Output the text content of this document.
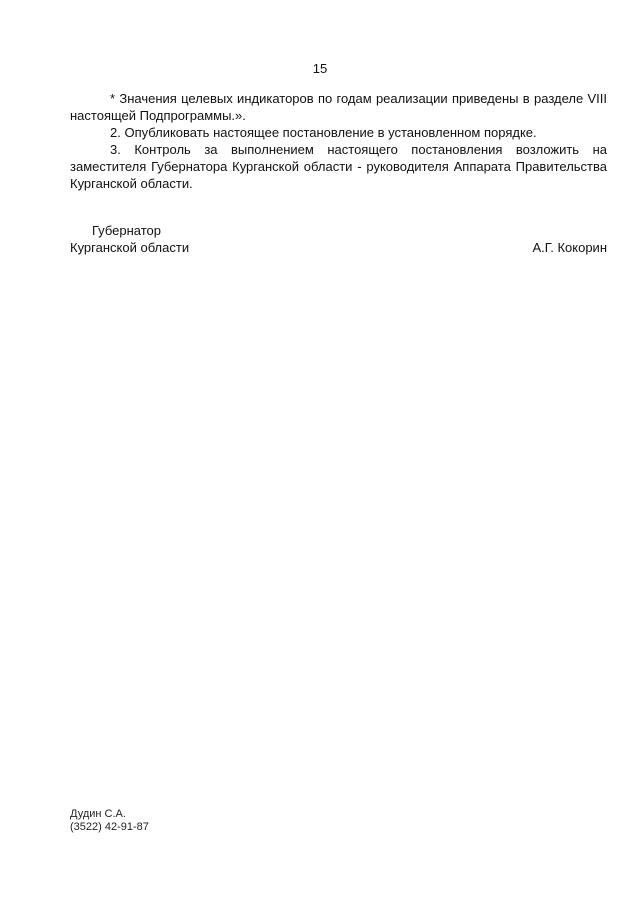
15

* Значения целевых индикаторов по годам реализации приведены в разделе VIII настоящей Подпрограммы.».

2. Опубликовать настоящее постановление в установленном порядке.

3. Контроль за выполнением настоящего постановления возложить на заместителя Губернатора Курганской области - руководителя Аппарата Правительства Курганской области.

Губернатор
Курганской области	А.Г. Кокорин
Дудин С.А.
(3522) 42-91-87
